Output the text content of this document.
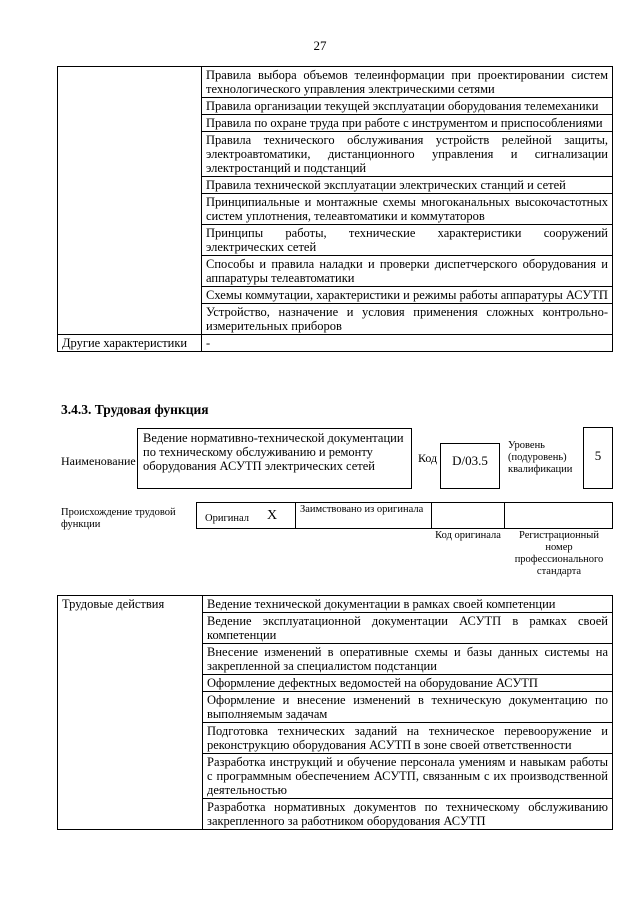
27
	Правила выбора объемов телеинформации при проектировании систем технологического управления электрическими сетями
	Правила организации текущей эксплуатации оборудования телемеханики
	Правила по охране труда при работе с инструментом и приспособлениями
	Правила технического обслуживания устройств релейной защиты, электроавтоматики, дистанционного управления и сигнализации электростанций и подстанций
	Правила технической эксплуатации электрических станций и сетей
	Принципиальные и монтажные схемы многоканальных высокочастотных систем уплотнения, телеавтоматики и коммутаторов
	Принципы работы, технические характеристики сооружений электрических сетей
	Способы и правила наладки и проверки диспетчерского оборудования и аппаратуры телеавтоматики
	Схемы коммутации, характеристики и режимы работы аппаратуры АСУТП
	Устройство, назначение и условия применения сложных контрольно-измерительных приборов
Другие характеристики	-
3.4.3. Трудовая функция
Наименование
Ведение нормативно-технической документации по техническому обслуживанию и ремонту оборудования АСУТП электрических сетей
Код	D/03.5
Уровень (подуровень) квалификации
5
Происхождение трудовой функции
Оригинал X	Заимствовано из оригинала
Код оригинала	Регистрационный номер профессионального стандарта
Трудовые действия	Ведение технической документации в рамках своей компетенции
Ведение эксплуатационной документации АСУТП в рамках своей компетенции
Внесение изменений в оперативные схемы и базы данных системы на закрепленной за специалистом подстанции
Оформление дефектных ведомостей на оборудование АСУТП
Оформление и внесение изменений в техническую документацию по выполняемым задачам
Подготовка технических заданий на техническое перевооружение и реконструкцию оборудования АСУТП в зоне своей ответственности
Разработка инструкций и обучение персонала умениям и навыкам работы с программным обеспечением АСУТП, связанным с их производственной деятельностью
Разработка нормативных документов по техническому обслуживанию закрепленного за работником оборудования АСУТП
